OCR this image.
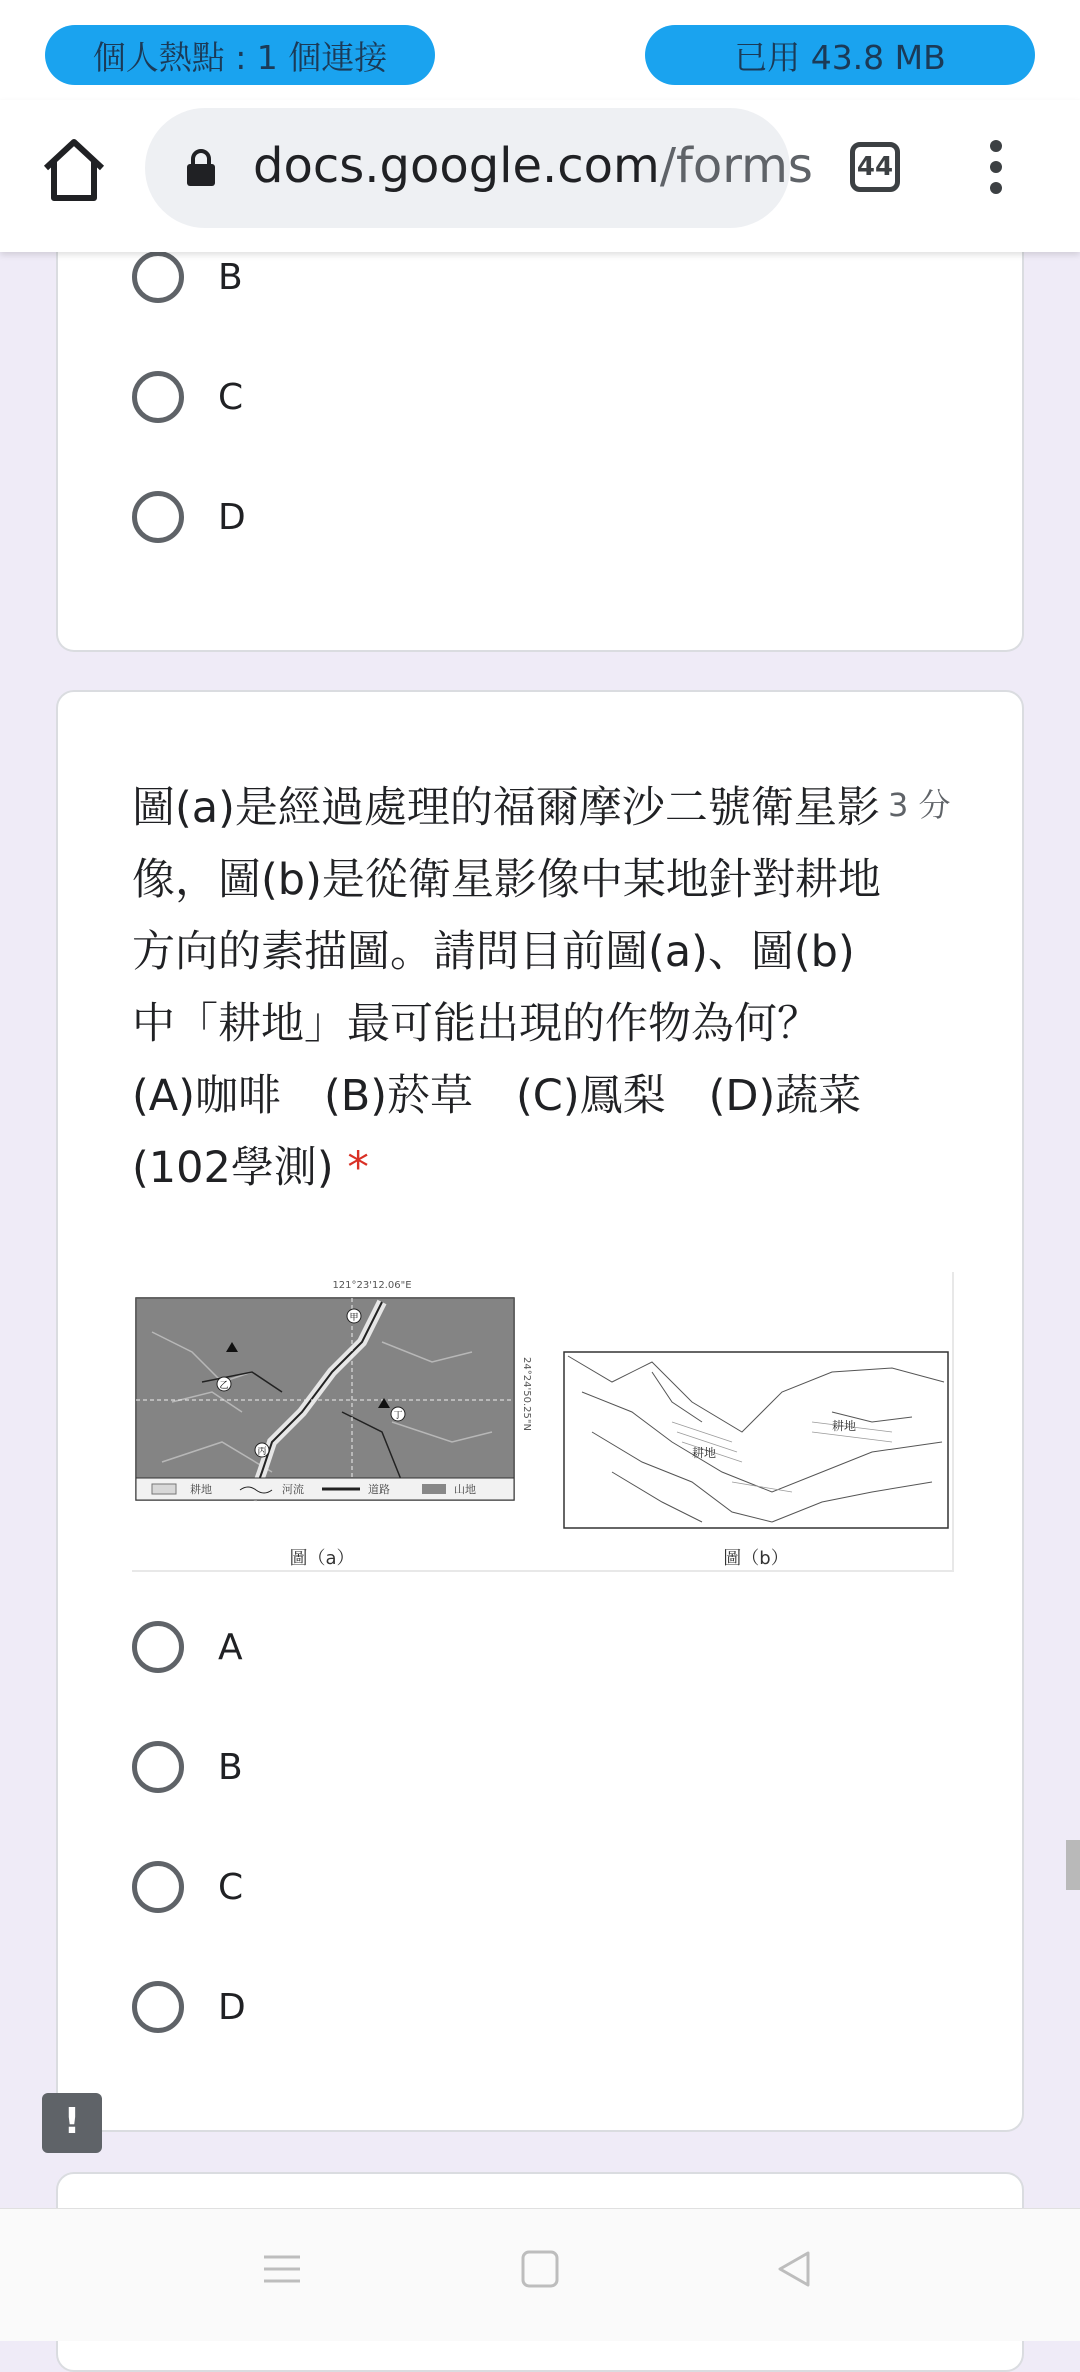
個人熱點 : 1 個連接	已用 43.8 MB
docs.google.com/forms 44
B
C
D
圖(a)是經過處理的福爾摩沙二號衛星影像，圖(b)是從衛星影像中某地針對耕地方向的素描圖。請問目前圖(a)、圖(b)中「耕地」最可能出現的作物為何？　(A)咖啡　(B)菸草　(C)鳳梨　(D)蔬菜 (102學測) *
3 分
121°23'12.06"E
甲
乙
丙
丁	24°24'50.25"N
耕地	河流	道路	山地
圖（a）
耕地
耕地
圖（b）
A
B
C
D
!
